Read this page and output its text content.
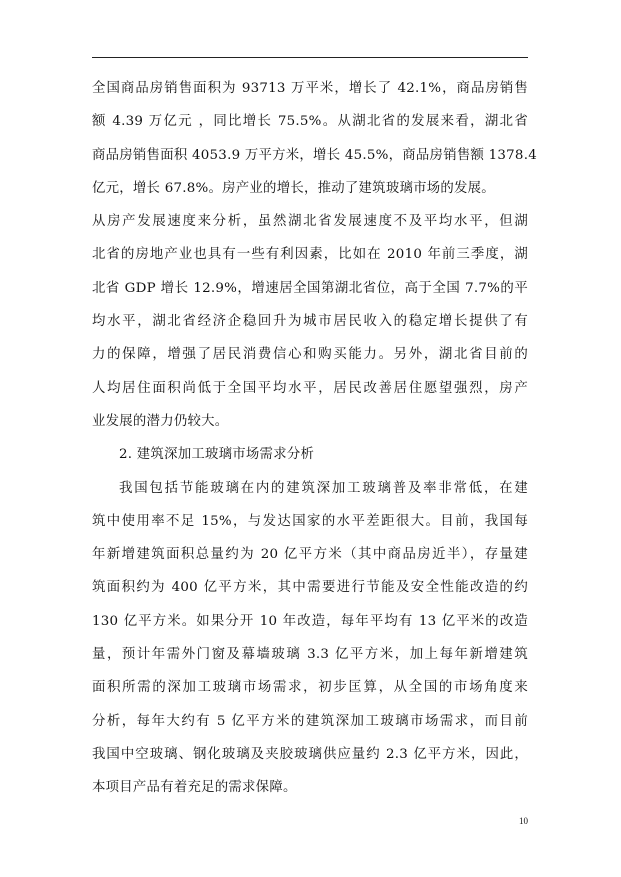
全国商品房销售面积为 93713 万平米，增长了 42.1%，商品房销售
额 4.39 万亿元 ，同比增长 75.5%。从湖北省的发展来看，湖北省
商品房销售面积 4053.9 万平方米，增长 45.5%，商品房销售额 1378.4
亿元，增长 67.8%。房产业的增长，推动了建筑玻璃市场的发展。
从房产发展速度来分析，虽然湖北省发展速度不及平均水平，但湖
北省的房地产业也具有一些有利因素，比如在 2010 年前三季度，湖
北省 GDP 增长 12.9%，增速居全国第湖北省位，高于全国 7.7%的平
均水平，湖北省经济企稳回升为城市居民收入的稳定增长提供了有
力的保障，增强了居民消费信心和购买能力。另外，湖北省目前的
人均居住面积尚低于全国平均水平，居民改善居住愿望强烈，房产
业发展的潜力仍较大。
2. 建筑深加工玻璃市场需求分析
我国包括节能玻璃在内的建筑深加工玻璃普及率非常低，在建
筑中使用率不足 15%，与发达国家的水平差距很大。目前，我国每
年新增建筑面积总量约为 20 亿平方米（其中商品房近半），存量建
筑面积约为 400 亿平方米，其中需要进行节能及安全性能改造的约
130 亿平方米。如果分开 10 年改造，每年平均有 13 亿平米的改造
量，预计年需外门窗及幕墙玻璃 3.3 亿平方米，加上每年新增建筑
面积所需的深加工玻璃市场需求，初步匡算，从全国的市场角度来
分析，每年大约有 5 亿平方米的建筑深加工玻璃市场需求，而目前
我国中空玻璃、钢化玻璃及夹胶玻璃供应量约 2.3 亿平方米，因此，
本项目产品有着充足的需求保障。
10
